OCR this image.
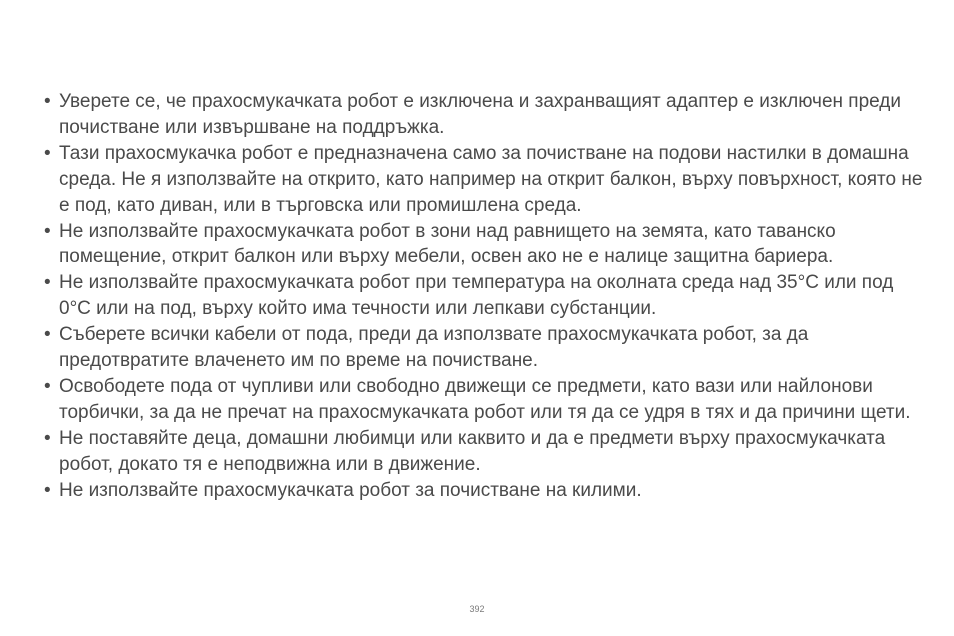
• Уверете се, че прахосмукачката робот е изключена и захранващият адаптер е изключен преди почистване или извършване на поддръжка.
• Тази прахосмукачка робот е предназначена само за почистване на подови настилки в домашна среда. Не я използвайте на открито, като например на открит балкон, върху повърхност, която не е под, като диван, или в търговска или промишлена среда.
• Не използвайте прахосмукачката робот в зони над равнището на земята, като таванско помещение, открит балкон или върху мебели, освен ако не е налице защитна бариера.
• Не използвайте прахосмукачката робот при температура на околната среда над 35°C или под 0°C или на под, върху който има течности или лепкави субстанции.
• Съберете всички кабели от пода, преди да използвате прахосмукачката робот, за да предотвратите влаченето им по време на почистване.
• Освободете пода от чупливи или свободно движещи се предмети, като вази или найлонови торбички, за да не пречат на прахосмукачката робот или тя да се удря в тях и да причини щети.
• Не поставяйте деца, домашни любимци или каквито и да е предмети върху прахосмукачката робот, докато тя е неподвижна или в движение.
• Не използвайте прахосмукачката робот за почистване на килими.
392
